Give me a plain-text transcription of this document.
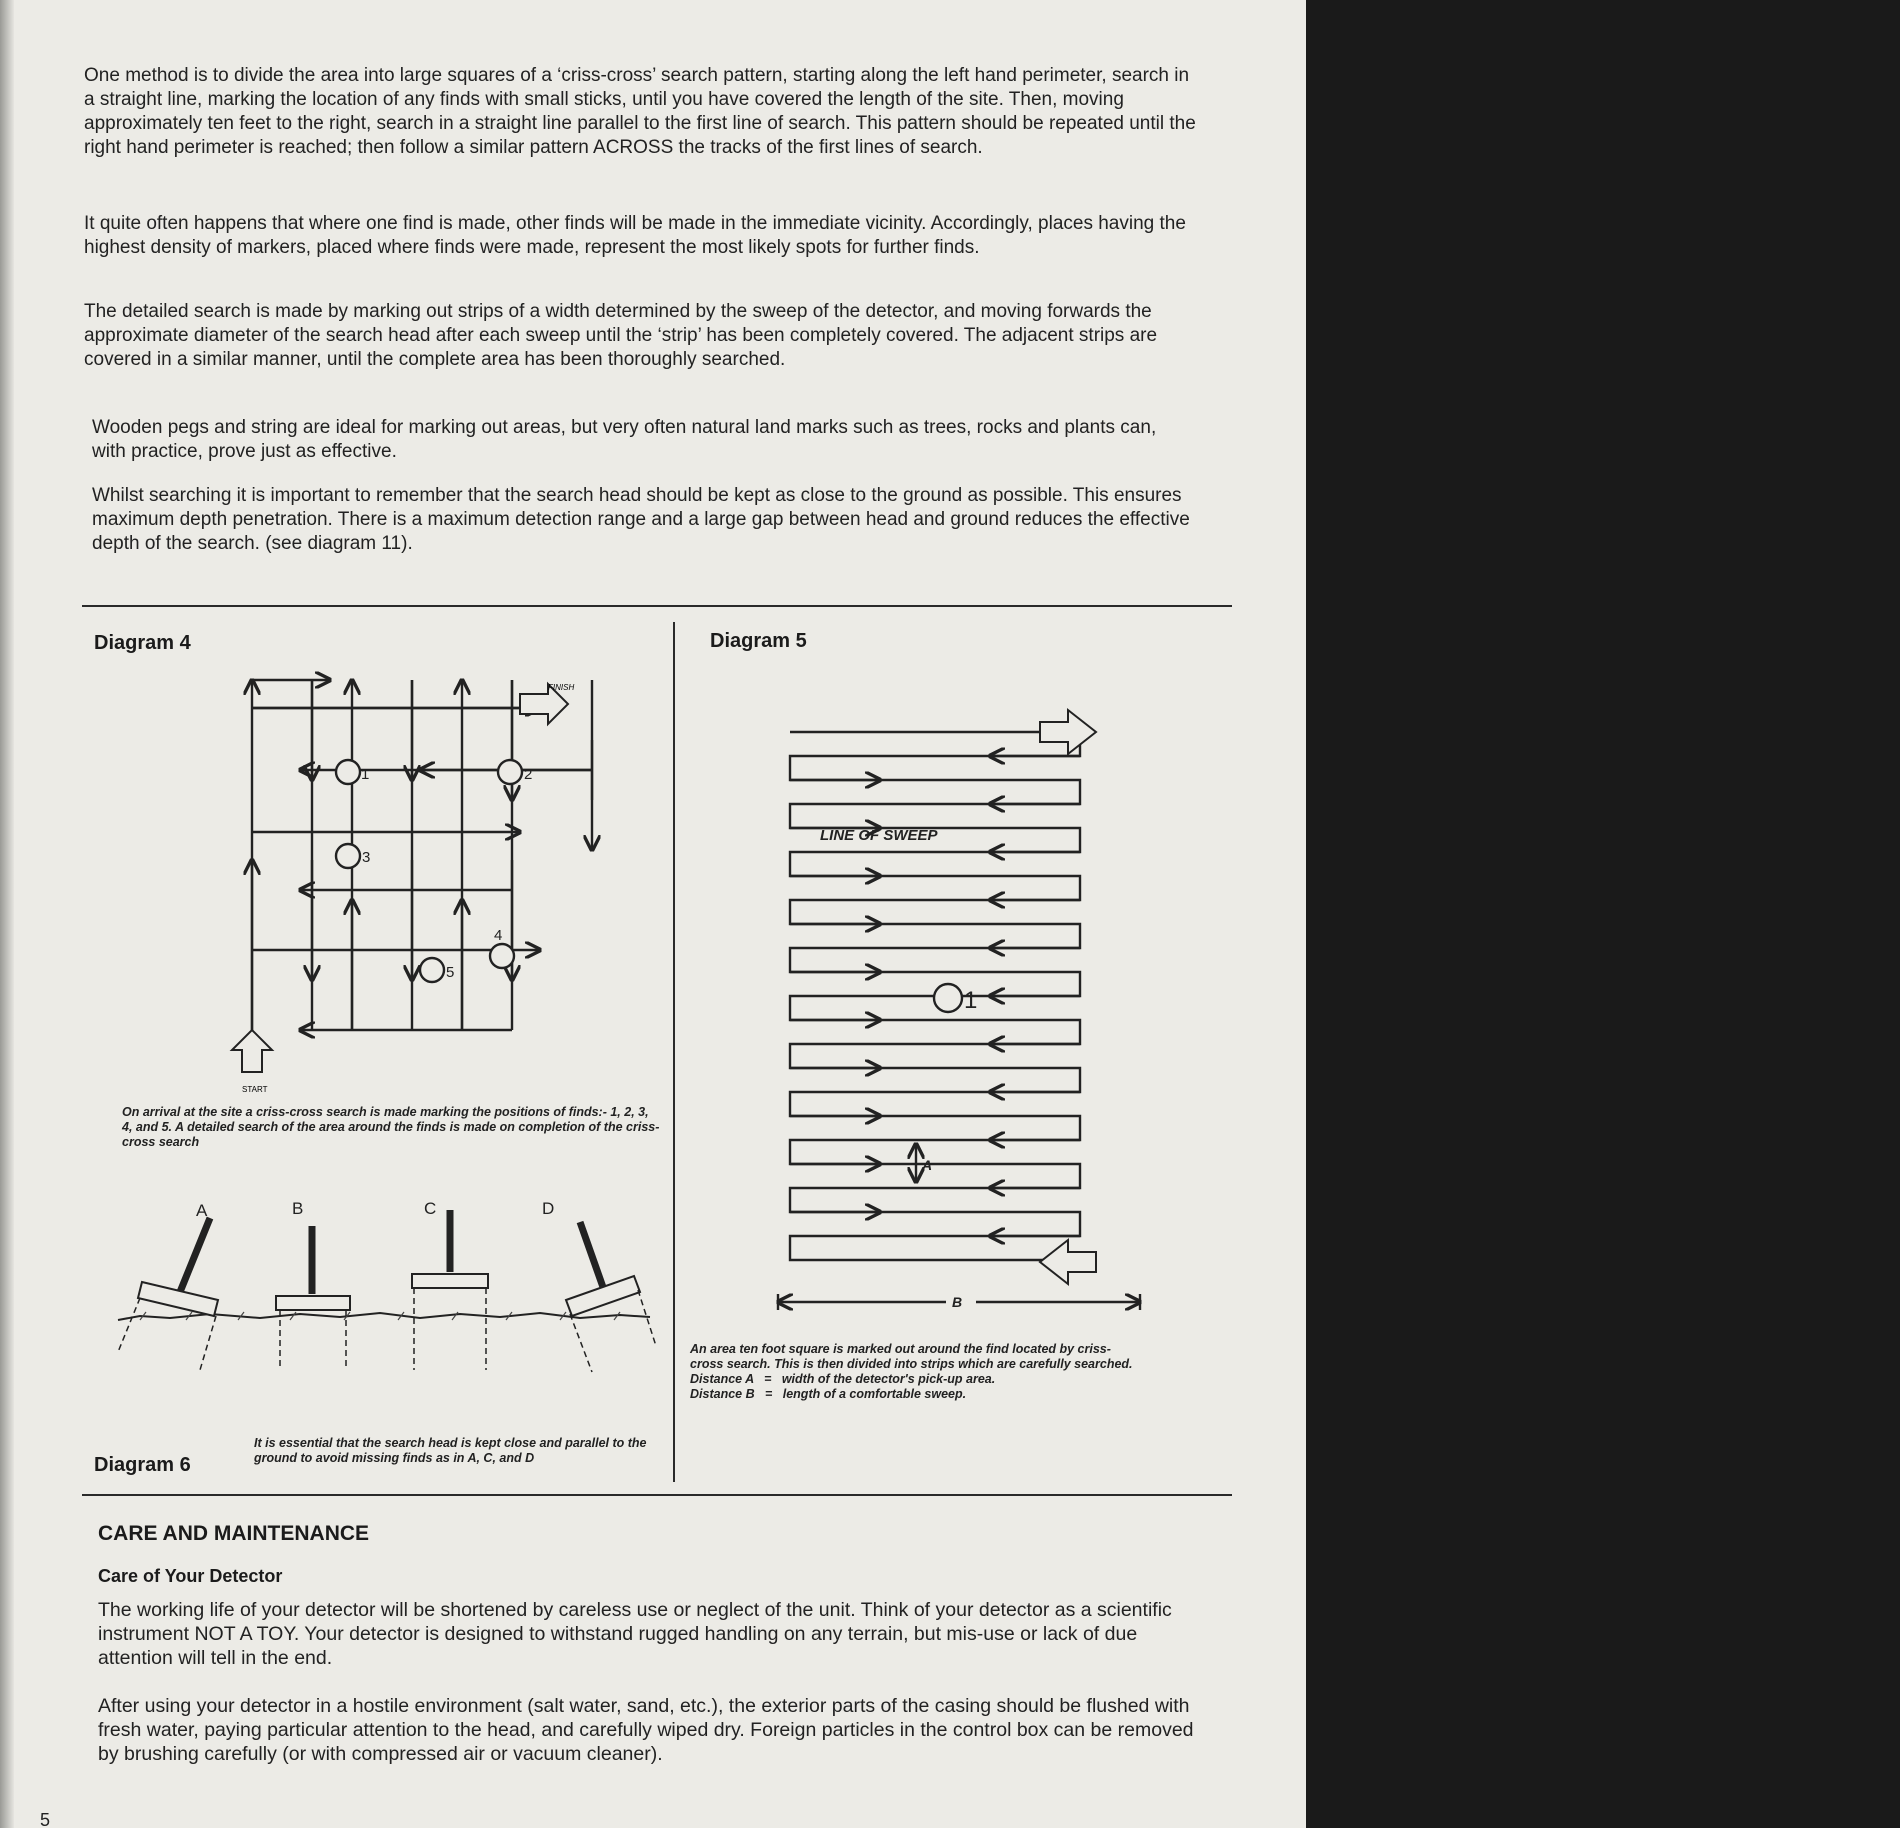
One method is to divide the area into large squares of a ‘criss-cross’ search pattern, starting along the left hand perimeter, search in a straight line, marking the location of any finds with small sticks, until you have covered the length of the site. Then, moving approximately ten feet to the right, search in a straight line parallel to the first line of search. This pattern should be repeated until the right hand perimeter is reached; then follow a similar pattern ACROSS the tracks of the first lines of search.

It quite often happens that where one find is made, other finds will be made in the immediate vicinity. Accordingly, places having the highest density of markers, placed where finds were made, represent the most likely spots for further finds.

The detailed search is made by marking out strips of a width determined by the sweep of the detector, and moving forwards the approximate diameter of the search head after each sweep until the ‘strip’ has been completely covered. The adjacent strips are covered in a similar manner, until the complete area has been thoroughly searched.

Wooden pegs and string are ideal for marking out areas, but very often natural land marks such as trees, rocks and plants can, with practice, prove just as effective.

Whilst searching it is important to remember that the search head should be kept as close to the ground as possible. This ensures maximum depth penetration. There is a maximum detection range and a large gap between head and ground reduces the effective depth of the search. (see diagram 11).

Diagram 4
FINISH
START
1	2
3
4
5

On arrival at the site a criss-cross search is made marking the positions of finds:- 1, 2, 3, 4, and 5. A detailed search of the area around the finds is made on completion of the criss-cross search

Diagram 5
1
LINE OF SWEEP
A
B
An area ten foot square is marked out around the find located by criss-
cross search. This is then divided into strips which are carefully searched.
Distance A   =   width of the detector's pick-up area.
Distance B   =   length of a comfortable sweep.
A	B	C	D
Diagram 6

It is essential that the search head is kept close and parallel to the ground to avoid missing finds as in A, C, and D

CARE AND MAINTENANCE
Care of Your Detector

The working life of your detector will be shortened by careless use or neglect of the unit. Think of your detector as a scientific instrument NOT A TOY. Your detector is designed to withstand rugged handling on any terrain, but mis-use or lack of due attention will tell in the end.

After using your detector in a hostile environment (salt water, sand, etc.), the exterior parts of the casing should be flushed with fresh water, paying particular attention to the head, and carefully wiped dry. Foreign particles in the control box can be removed by brushing carefully (or with compressed air or vacuum cleaner).

5
